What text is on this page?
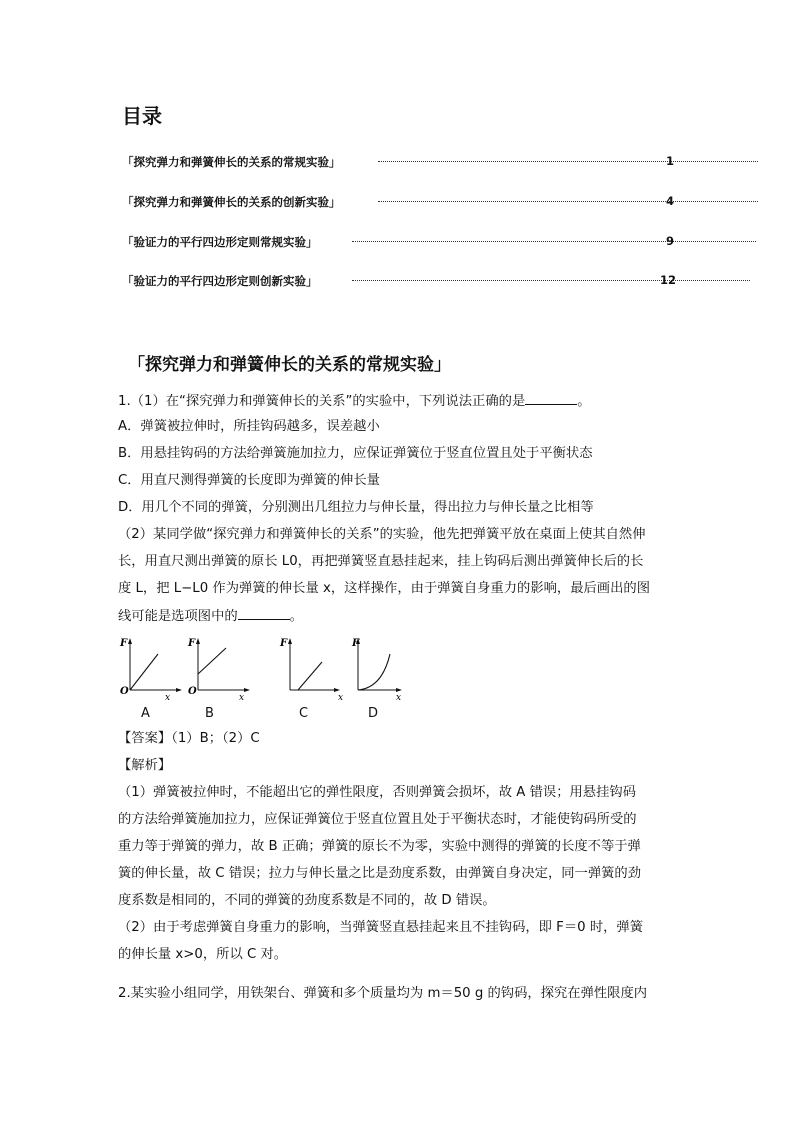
目录
「探究弹力和弹簧伸长的关系的常规实验」	1
「探究弹力和弹簧伸长的关系的创新实验」	4
「验证力的平行四边形定则常规实验」	9
「验证力的平行四边形定则创新实验」	12
「探究弹力和弹簧伸长的关系的常规实验」
1.（1）在“探究弹力和弹簧伸长的关系”的实验中，下列说法正确的是	。
A．弹簧被拉伸时，所挂钩码越多，误差越小
B．用悬挂钩码的方法给弹簧施加拉力，应保证弹簧位于竖直位置且处于平衡状态
C．用直尺测得弹簧的长度即为弹簧的伸长量
D．用几个不同的弹簧，分别测出几组拉力与伸长量，得出拉力与伸长量之比相等
（2）某同学做“探究弹力和弹簧伸长的关系”的实验，他先把弹簧平放在桌面上使其自然伸
长，用直尺测出弹簧的原长 L0，再把弹簧竖直悬挂起来，挂上钩码后测出弹簧伸长后的长
度 L，把 L−L0 作为弹簧的伸长量 x，这样操作，由于弹簧自身重力的影响，最后画出的图
线可能是选项图中的	。
F
O
x
F
O
x
F
x
F
x
A	B	C	D
【答案】（1）B；（2）C
【解析】
（1）弹簧被拉伸时，不能超出它的弹性限度，否则弹簧会损坏，故 A 错误；用悬挂钩码
的方法给弹簧施加拉力，应保证弹簧位于竖直位置且处于平衡状态时，才能使钩码所受的
重力等于弹簧的弹力，故 B 正确；弹簧的原长不为零，实验中测得的弹簧的长度不等于弹
簧的伸长量，故 C 错误；拉力与伸长量之比是劲度系数，由弹簧自身决定，同一弹簧的劲
度系数是相同的，不同的弹簧的劲度系数是不同的，故 D 错误。
（2）由于考虑弹簧自身重力的影响，当弹簧竖直悬挂起来且不挂钩码，即 F＝0 时，弹簧
的伸长量 x>0，所以 C 对。
2.某实验小组同学，用铁架台、弹簧和多个质量均为 m＝50 g 的钩码，探究在弹性限度内
